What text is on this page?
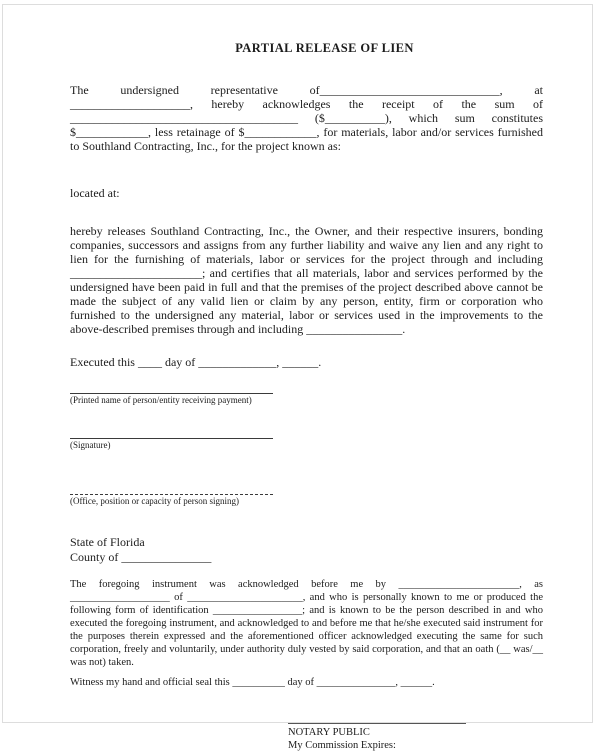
PARTIAL RELEASE OF LIEN

The undersigned representative of______________________________, at ____________________, hereby acknowledges the receipt of the sum of ______________________________________ ($__________), which sum constitutes $____________, less retainage of $____________, for materials, labor and/or services furnished to Southland Contracting, Inc., for the project known as:

located at:

hereby releases Southland Contracting, Inc., the Owner, and their respective insurers, bonding companies, successors and assigns from any further liability and waive any lien and any right to lien for the furnishing of materials, labor or services for the project through and including ______________________; and certifies that all materials, labor and services performed by the undersigned have been paid in full and that the premises of the project described above cannot be made the subject of any valid lien or claim by any person, entity, firm or corporation who furnished to the undersigned any material, labor or services used in the improvements to the above-described premises through and including ________________.

Executed this ____ day of _____________, ______.

(Printed name of person/entity receiving payment)
(Signature)
(Office, position or capacity of person signing)
State of Florida
County of _______________

The foregoing instrument was acknowledged before me by _______________________, as ___________________ of ______________________, and who is personally known to me or produced the following form of identification _________________; and is known to be the person described in and who executed the foregoing instrument, and acknowledged to and before me that he/she executed said instrument for the purposes therein expressed and the aforementioned officer acknowledged executing the same for such corporation, freely and voluntarily, under authority duly vested by said corporation, and that an oath (__ was/__ was not) taken.

Witness my hand and official seal this __________ day of _______________, ______.

NOTARY PUBLIC
My Commission Expires:
